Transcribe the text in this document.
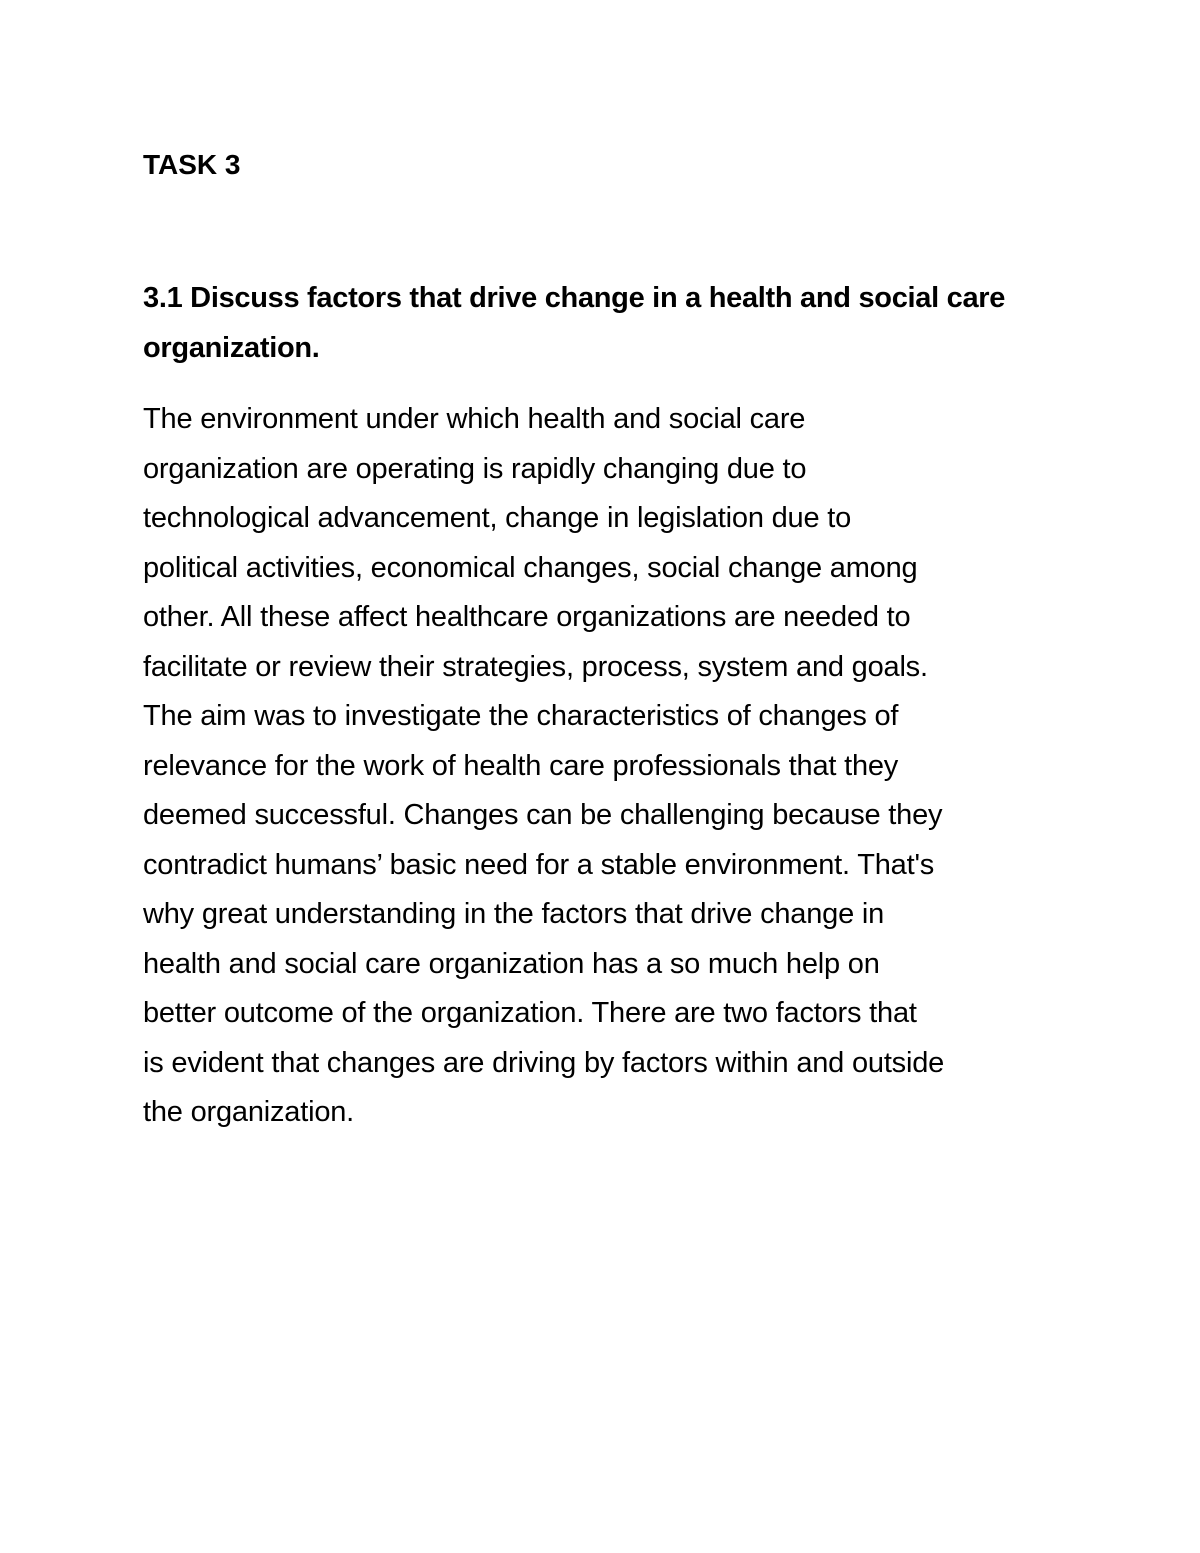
TASK 3
3.1 Discuss factors that drive change in a health and social care
organization.

The environment under which health and social care
organization are operating is rapidly changing due to
technological advancement, change in legislation due to
political activities, economical changes, social change among
other. All these affect healthcare organizations are needed to
facilitate or review their strategies, process, system and goals.
The aim was to investigate the characteristics of changes of
relevance for the work of health care professionals that they
deemed successful. Changes can be challenging because they
contradict humans’ basic need for a stable environment. That's
why great understanding in the factors that drive change in
health and social care organization has a so much help on
better outcome of the organization. There are two factors that
is evident that changes are driving by factors within and outside
the organization.
